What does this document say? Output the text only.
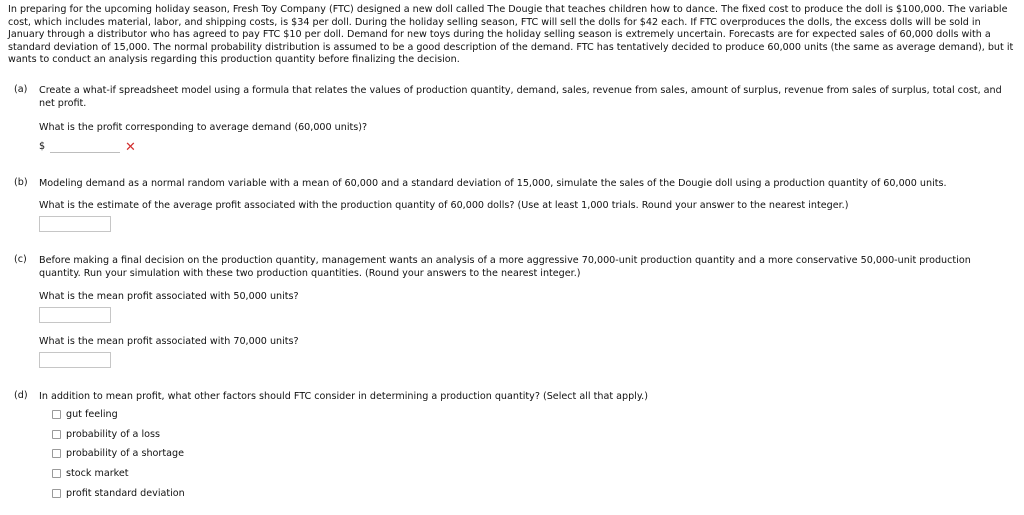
In preparing for the upcoming holiday season, Fresh Toy Company (FTC) designed a new doll called The Dougie that teaches children how to dance. The fixed cost to produce the doll is $100,000. The variable cost, which includes material, labor, and shipping costs, is $34 per doll. During the holiday selling season, FTC will sell the dolls for $42 each. If FTC overproduces the dolls, the excess dolls will be sold in January through a distributor who has agreed to pay FTC $10 per doll. Demand for new toys during the holiday selling season is extremely uncertain. Forecasts are for expected sales of 60,000 dolls with a standard deviation of 15,000. The normal probability distribution is assumed to be a good description of the demand. FTC has tentatively decided to produce 60,000 units (the same as average demand), but it wants to conduct an analysis regarding this production quantity before finalizing the decision.
(a) Create a what-if spreadsheet model using a formula that relates the values of production quantity, demand, sales, revenue from sales, amount of surplus, revenue from sales of surplus, total cost, and net profit.
What is the profit corresponding to average demand (60,000 units)?
$	✕
(b) Modeling demand as a normal random variable with a mean of 60,000 and a standard deviation of 15,000, simulate the sales of the Dougie doll using a production quantity of 60,000 units.
What is the estimate of the average profit associated with the production quantity of 60,000 dolls? (Use at least 1,000 trials. Round your answer to the nearest integer.)
(c) Before making a final decision on the production quantity, management wants an analysis of a more aggressive 70,000-unit production quantity and a more conservative 50,000-unit production quantity. Run your simulation with these two production quantities. (Round your answers to the nearest integer.)
What is the mean profit associated with 50,000 units?
What is the mean profit associated with 70,000 units?
(d) In addition to mean profit, what other factors should FTC consider in determining a production quantity? (Select all that apply.)
gut feeling
probability of a loss
probability of a shortage
stock market
profit standard deviation
